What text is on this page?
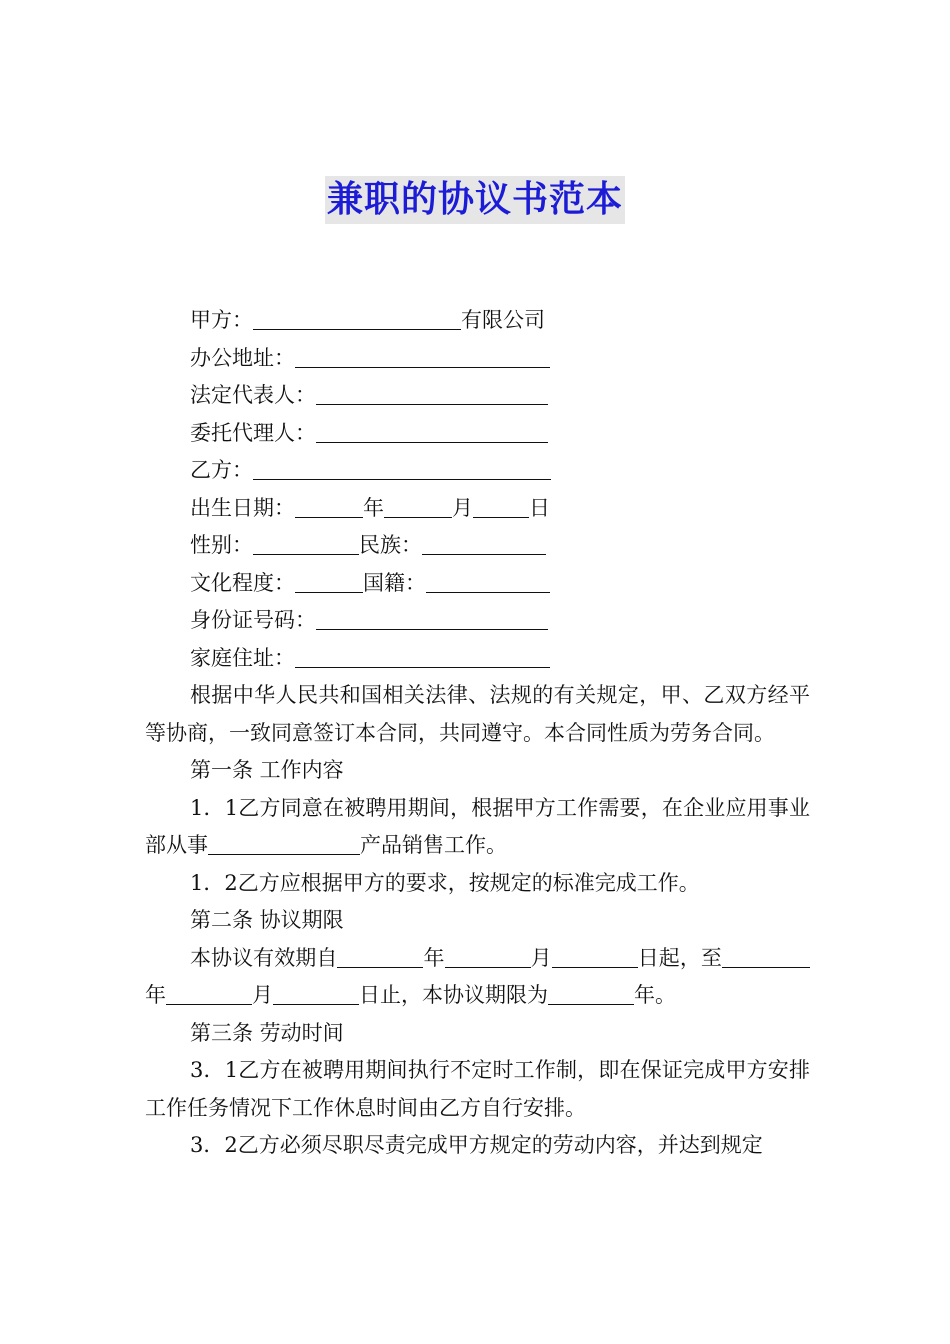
兼职的协议书范本

甲方：	有限公司

办公地址：

法定代表人：

委托代理人：

乙方：

出生日期：	年	月	日

性别：	民族：

文化程度：	国籍：

身份证号码：

家庭住址：

根据中华人民共和国相关法律、法规的有关规定，甲、乙双方经平等协商，一致同意签订本合同，共同遵守。本合同性质为劳务合同。

第一条 工作内容

1．1乙方同意在被聘用期间，根据甲方工作需要，在企业应用事业部从事	产品销售工作。

1．2乙方应根据甲方的要求，按规定的标准完成工作。

第二条 协议期限

本协议有效期自	年	月	日起，至年	月	日止，本协议期限为	年。

第三条 劳动时间

3．1乙方在被聘用期间执行不定时工作制，即在保证完成甲方安排工作任务情况下工作休息时间由乙方自行安排。

3．2乙方必须尽职尽责完成甲方规定的劳动内容，并达到规定
